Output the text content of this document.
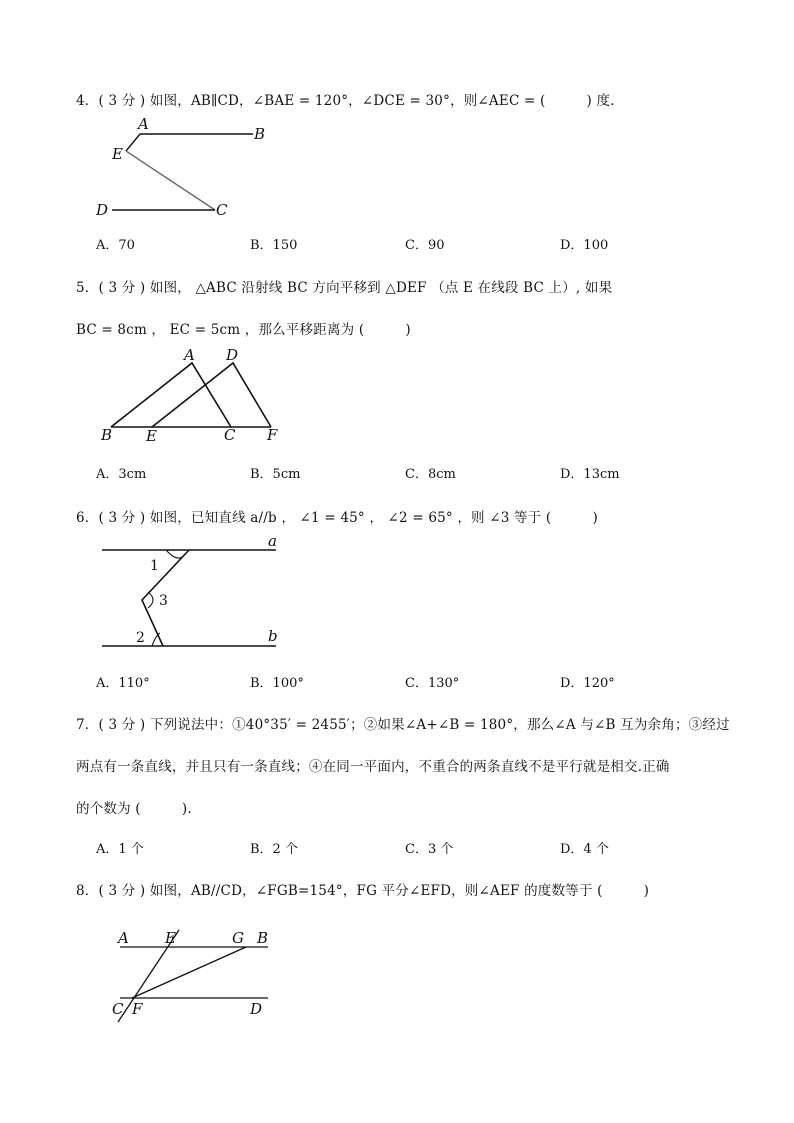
4．( 3 分 ) 如图，AB∥CD，∠BAE = 120°，∠DCE = 30°，则∠AEC = (　　　) 度．
A
B
E
D	C
A．70	B．150	C．90	D．100
5．( 3 分 ) 如图， △ABC 沿射线 BC 方向平移到 △DEF （点 E 在线段 BC 上）, 如果
BC = 8cm ， EC = 5cm ，那么平移距离为 (　　　)
A D
B E	C F
A．3cm	B．5cm	C．8cm	D．13cm
6．( 3 分 ) 如图，已知直线 a//b ， ∠1 = 45° ， ∠2 = 65° ，则 ∠3 等于 (　　　)
1
3
2
a
b
A．110°	B．100°	C．130°	D．120°
7．( 3 分 ) 下列说法中：①40°35′ = 2455′；②如果∠A+∠B = 180°，那么∠A 与∠B 互为余角；③经过
两点有一条直线，并且只有一条直线；④在同一平面内，不重合的两条直线不是平行就是相交.正确
的个数为 (　　　).
A．1 个	B．2 个	C．3 个	D．4 个
8．( 3 分 ) 如图，AB//CD，∠FGB=154°，FG 平分∠EFD，则∠AEF 的度数等于 (　　　)
A E	G B
C F	D
